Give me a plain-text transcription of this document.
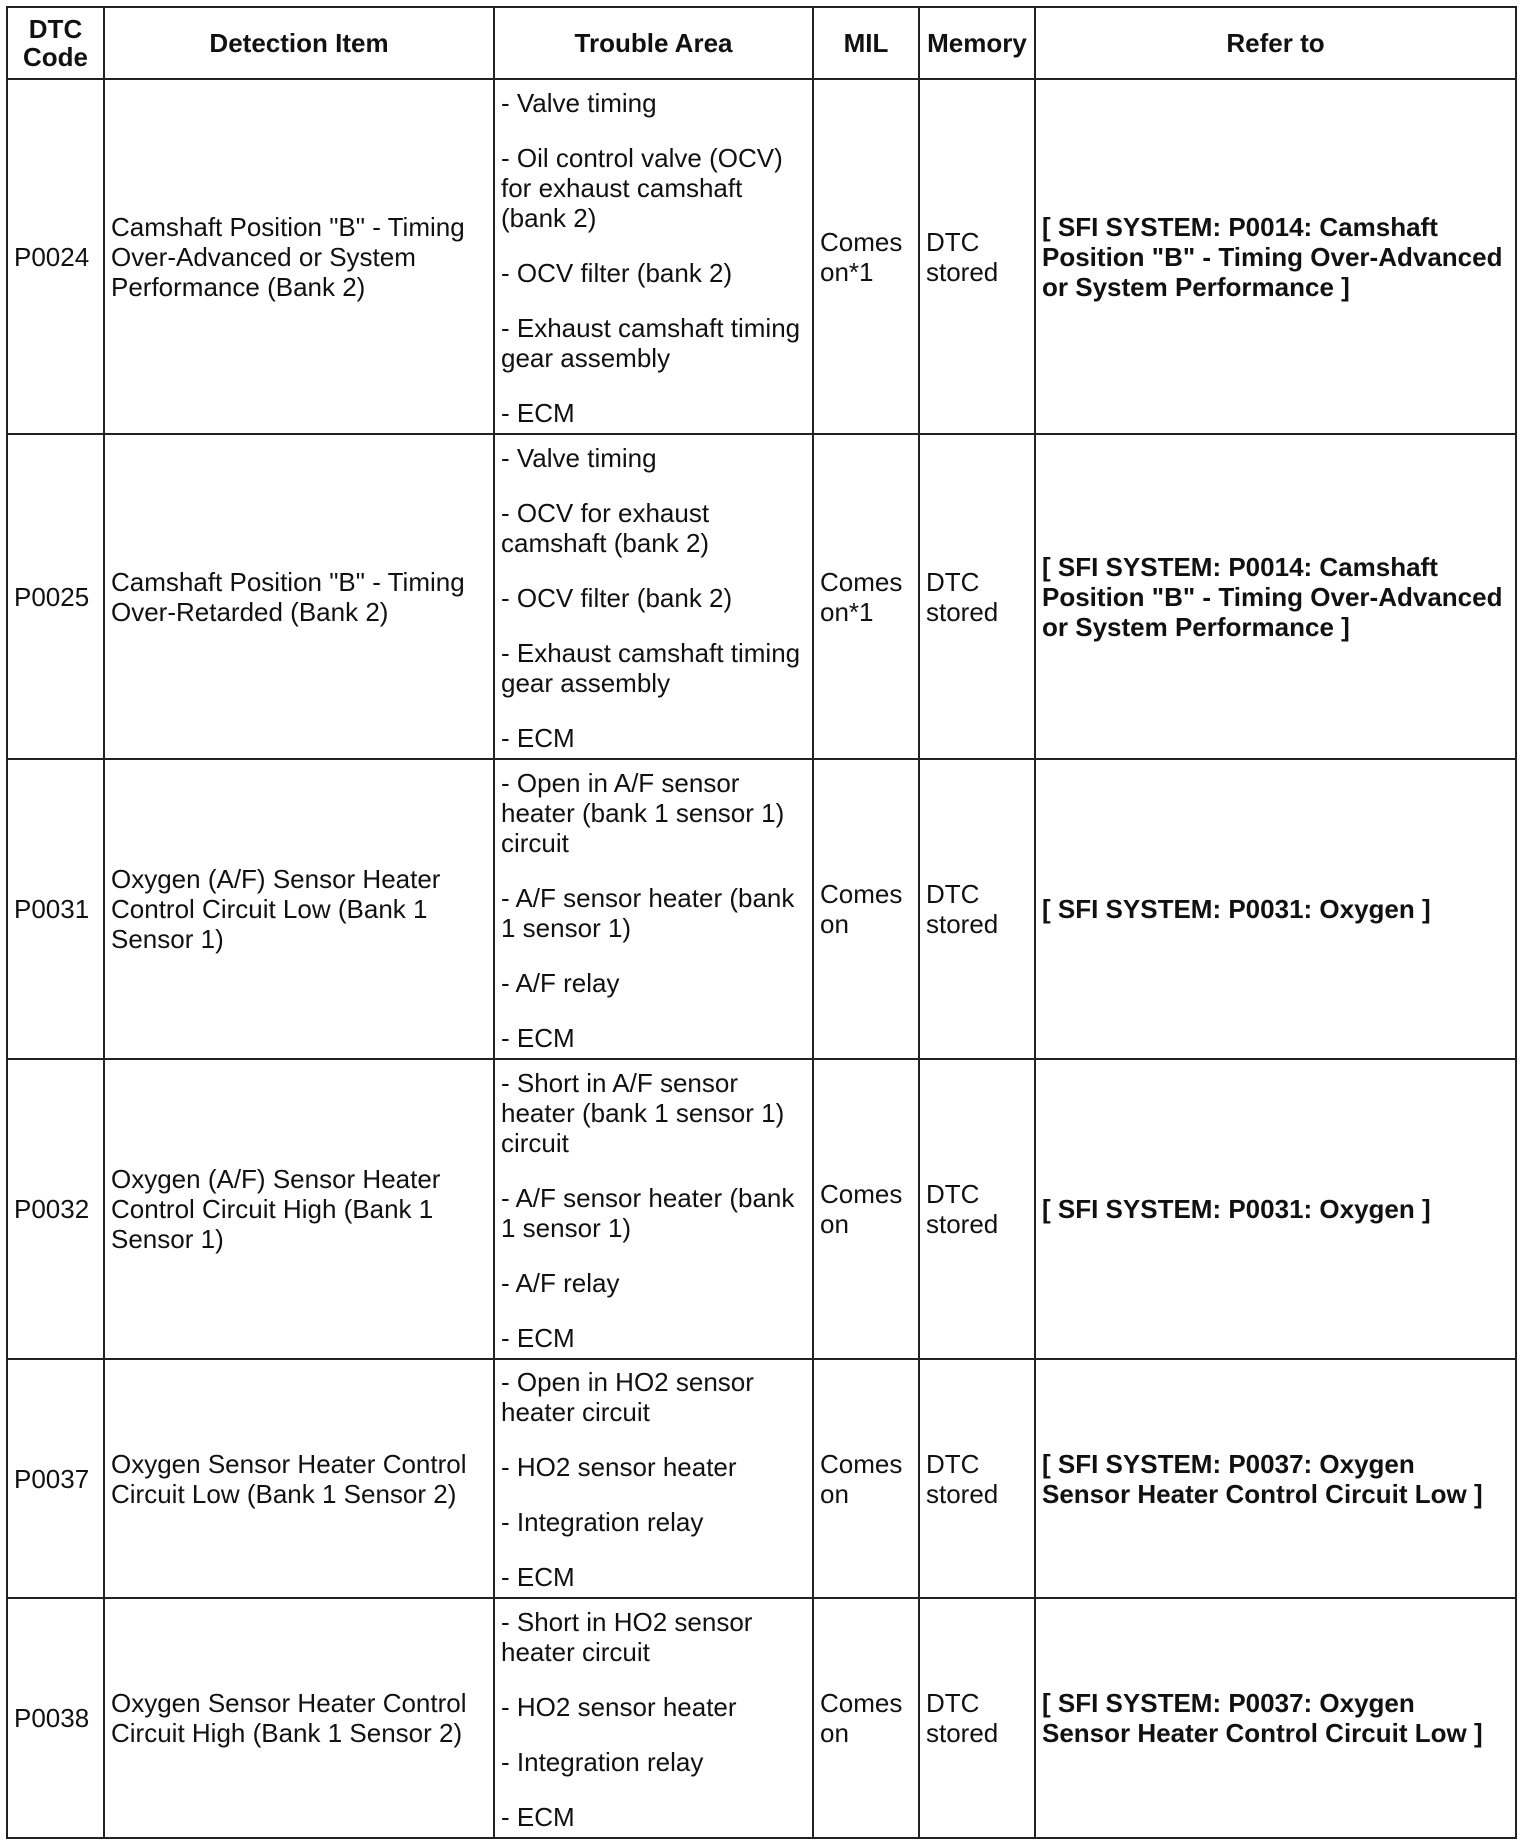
DTC Code	Detection Item	Trouble Area	MIL	Memory	Refer to
P0024	Camshaft Position "B" - Timing Over-Advanced or System Performance (Bank 2)	- Valve timing
- Oil control valve (OCV) for exhaust camshaft (bank 2)
- OCV filter (bank 2)
- Exhaust camshaft timing gear assembly
- ECM	Comes on*1	DTC stored	[ SFI SYSTEM: P0014: Camshaft Position "B" - Timing Over-Advanced or System Performance ]
P0025	Camshaft Position "B" - Timing Over-Retarded (Bank 2)	- Valve timing
- OCV for exhaust camshaft (bank 2)
- OCV filter (bank 2)
- Exhaust camshaft timing gear assembly
- ECM	Comes on*1	DTC stored	[ SFI SYSTEM: P0014: Camshaft Position "B" - Timing Over-Advanced or System Performance ]
P0031	Oxygen (A/F) Sensor Heater Control Circuit Low (Bank 1 Sensor 1)	- Open in A/F sensor heater (bank 1 sensor 1) circuit
- A/F sensor heater (bank 1 sensor 1)
- A/F relay
- ECM	Comes on	DTC stored	[ SFI SYSTEM: P0031: Oxygen ]
P0032	Oxygen (A/F) Sensor Heater Control Circuit High (Bank 1 Sensor 1)	- Short in A/F sensor heater (bank 1 sensor 1) circuit
- A/F sensor heater (bank 1 sensor 1)
- A/F relay
- ECM	Comes on	DTC stored	[ SFI SYSTEM: P0031: Oxygen ]
P0037	Oxygen Sensor Heater Control Circuit Low (Bank 1 Sensor 2)	- Open in HO2 sensor heater circuit
- HO2 sensor heater
- Integration relay
- ECM	Comes on	DTC stored	[ SFI SYSTEM: P0037: Oxygen Sensor Heater Control Circuit Low ]
P0038	Oxygen Sensor Heater Control Circuit High (Bank 1 Sensor 2)	- Short in HO2 sensor heater circuit
- HO2 sensor heater
- Integration relay
- ECM	Comes on	DTC stored	[ SFI SYSTEM: P0037: Oxygen Sensor Heater Control Circuit Low ]
